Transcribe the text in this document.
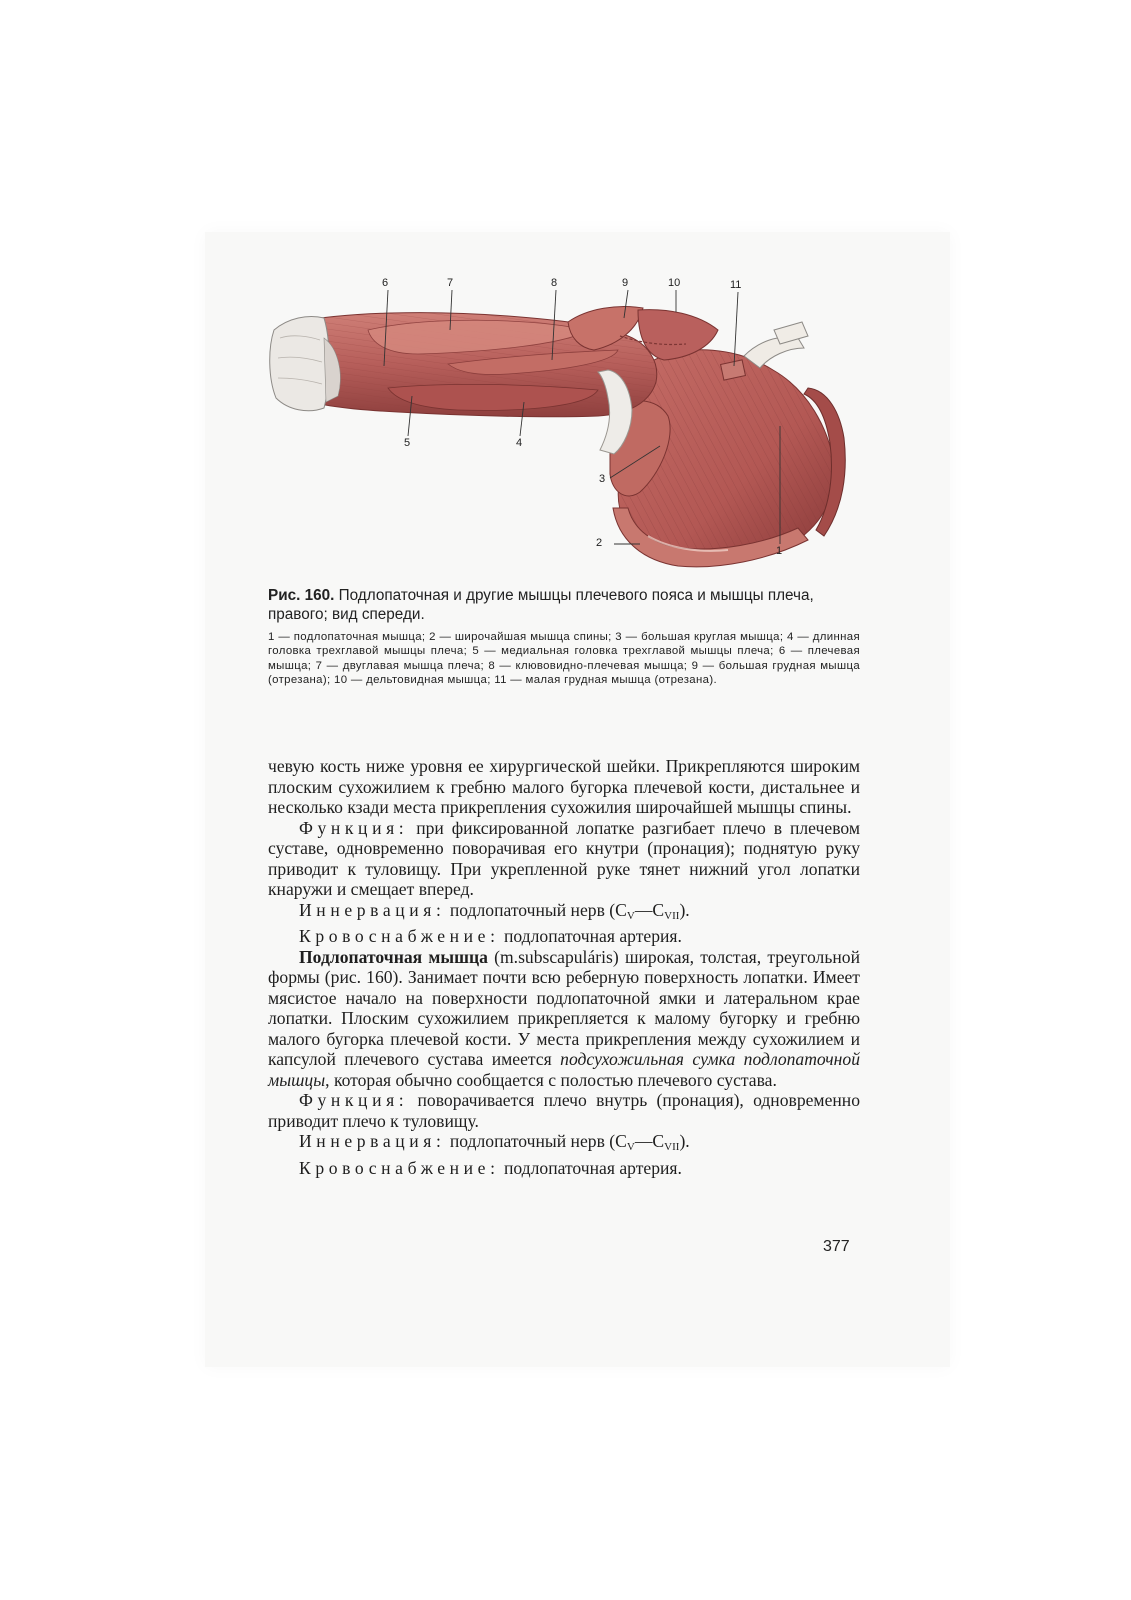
6	7	8	9	10	11
5	4
3
2
1

Рис. 160. Подлопаточная и другие мышцы плечевого пояса и мышцы плеча, правого; вид спереди.

1 — подлопаточная мышца; 2 — широчайшая мышца спины; 3 — большая круглая мышца; 4 — длинная головка трехглавой мышцы плеча; 5 — медиальная головка трехглавой мышцы плеча; 6 — плечевая мышца; 7 — двуглавая мышца плеча; 8 — клювовидно-плечевая мышца; 9 — большая грудная мышца (отрезана); 10 — дельтовидная мышца; 11 — малая грудная мышца (отрезана).

чевую кость ниже уровня ее хирургической шейки. Прикрепляются широким плоским сухожилием к гребню малого бугорка плечевой кости, дистальнее и несколько кзади места прикрепления сухожилия широчайшей мышцы спины.

Функция: при фиксированной лопатке разгибает плечо в плечевом суставе, одновременно поворачивая его кнутри (пронация); поднятую руку приводит к туловищу. При укрепленной руке тянет нижний угол лопатки кнаружи и смещает вперед.

Иннервация: подлопаточный нерв $(C_V—C_{VII})$.

Кровоснабжение: подлопаточная артерия.

Подлопаточная мышца (m.subscapuláris) широкая, толстая, треугольной формы (рис. 160). Занимает почти всю реберную поверхность лопатки. Имеет мясистое начало на поверхности подлопаточной ямки и латеральном крае лопатки. Плоским сухожилием прикрепляется к малому бугорку и гребню малого бугорка плечевой кости. У места прикрепления между сухожилием и капсулой плечевого сустава имеется подсухожильная сумка подлопаточной мышцы, которая обычно сообщается с полостью плечевого сустава.

Функция: поворачивается плечо внутрь (пронация), одновременно приводит плечо к туловищу.

Иннервация: подлопаточный нерв $(C_V—C_{VII})$.

Кровоснабжение: подлопаточная артерия.

377
